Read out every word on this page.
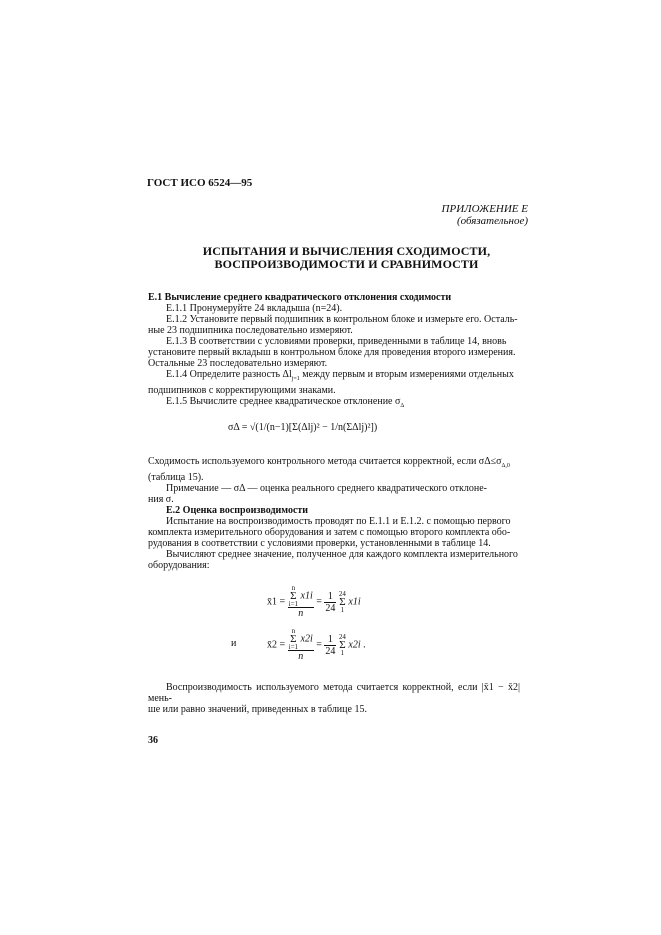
ГОСТ ИСО 6524—95
ПРИЛОЖЕНИЕ Е
(обязательное)
ИСПЫТАНИЯ И ВЫЧИСЛЕНИЯ СХОДИМОСТИ,
ВОСПРОИЗВОДИМОСТИ И СРАВНИМОСТИ
Е.1 Вычисление среднего квадратического отклонения сходимости
Е.1.1 Пронумеруйте 24 вкладыша (n=24).
Е.1.2 Установите первый подшипник в контрольном блоке и измерьте его. Осталь-
ные 23 подшипника последовательно измеряют.
Е.1.3 В соответствии с условиями проверки, приведенными в таблице 14, вновь
установите первый вкладыш в контрольном блоке для проведения второго измерения.
Остальные 23 последовательно измеряют.
Е.1.4 Определите разность $\Delta l_{j=1}$ между первым и вторым измерениями отдельных
подшипников с корректирующими знаками.
Е.1.5 Вычислите среднее квадратическое отклонение $\sigma_\Delta$
σΔ = √(1/(n−1)[Σ(Δlj)² − 1/n(ΣΔlj)²])
Сходимость используемого контрольного метода считается корректной, если $\sigma\Delta\le\sigma_{\Delta,0}$
(таблица 15).
Примечание — σΔ — оценка реального среднего квадратического отклоне-
ния σ.
Е.2 Оценка воспроизводимости
Испытание на воспроизводимость проводят по Е.1.1 и Е.1.2. с помощью первого
комплекта измерительного оборудования и затем с помощью второго комплекта обо-
рудования в соответствии с условиями проверки, установленными в таблице 14.
Вычисляют среднее значение, полученное для каждого комплекта измерительного
оборудования:
x̄1 =
n
Σ
i=1 x1i
n
= $\frac{1}{24} 24$
Σ
1 x1i
и	x̄2 =
n
Σ
i=1 x2i
n
= $\frac{1}{24} 24$
Σ
1 x2i .
Воспроизводимость используемого метода считается корректной, если |x̄1 − x̄2| мень-
ше или равно значений, приведенных в таблице 15.
36
